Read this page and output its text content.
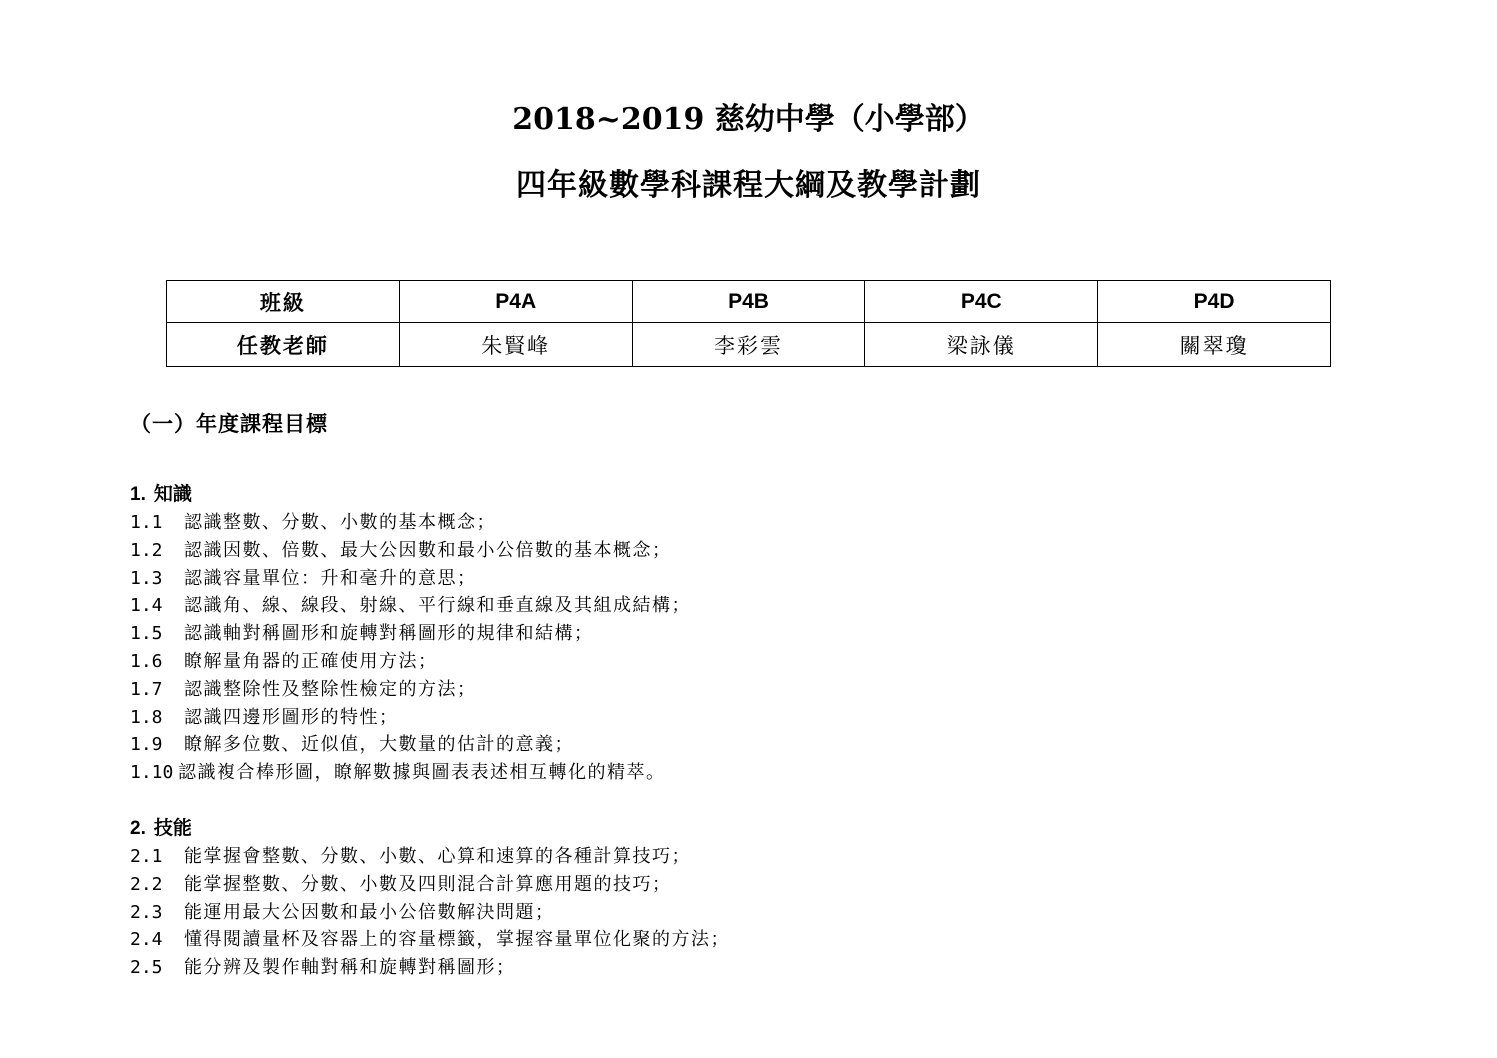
2018~2019 慈幼中學（小學部）
四年級數學科課程大綱及教學計劃
班級	P4A	P4B	P4C	P4D
任教老師	朱賢峰	李彩雲	梁詠儀	關翠瓊
（一）年度課程目標
1. 知識
1.1 認識整數、分數、小數的基本概念；
1.2 認識因數、倍數、最大公因數和最小公倍數的基本概念；
1.3 認識容量單位：升和毫升的意思；
1.4 認識角、線、線段、射線、平行線和垂直線及其組成結構；
1.5 認識軸對稱圖形和旋轉對稱圖形的規律和結構；
1.6 瞭解量角器的正確使用方法；
1.7 認識整除性及整除性檢定的方法；
1.8 認識四邊形圖形的特性；
1.9 瞭解多位數、近似值，大數量的估計的意義；
1.10 認識複合棒形圖，瞭解數據與圖表表述相互轉化的精萃。
2. 技能
2.1 能掌握會整數、分數、小數、心算和速算的各種計算技巧；
2.2 能掌握整數、分數、小數及四則混合計算應用題的技巧；
2.3 能運用最大公因數和最小公倍數解決問題；
2.4 懂得閱讀量杯及容器上的容量標籤，掌握容量單位化聚的方法；
2.5 能分辨及製作軸對稱和旋轉對稱圖形；
